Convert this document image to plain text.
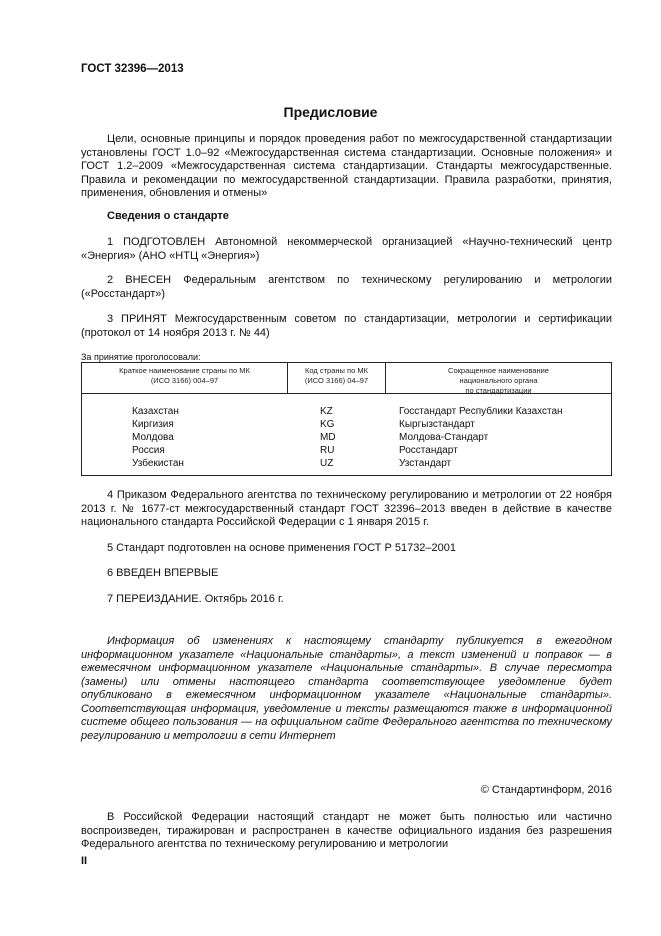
ГОСТ 32396—2013
Предисловие

Цели, основные принципы и порядок проведения работ по межгосударственной стандартизации установлены ГОСТ 1.0–92 «Межгосударственная система стандартизации. Основные положения» и ГОСТ 1.2–2009 «Межгосударственная система стандартизации. Стандарты межгосударственные. Правила и рекомендации по межгосударственной стандартизации. Правила разработки, принятия, применения, обновления и отмены»

Сведения о стандарте

1 ПОДГОТОВЛЕН Автономной некоммерческой организацией «Научно-технический центр «Энергия» (АНО «НТЦ «Энергия»)

2 ВНЕСЕН Федеральным агентством по техническому регулированию и метрологии («Росстандарт»)

3 ПРИНЯТ Межгосударственным советом по стандартизации, метрологии и сертификации (протокол от 14 ноября 2013 г. № 44)

За принятие проголосовали:
Краткое наименование страны по МК
(ИСО 3166) 004–97
Код страны по МК
(ИСО 3166) 04–97
Сокращенное наименование
национального органа
по стандартизации
Казахстан
Киргизия
Молдова
Россия
Узбекистан
KZ
KG
MD
RU
UZ
Госстандарт Республики Казахстан
Кыргызстандарт
Молдова-Стандарт
Росстандарт
Узстандарт

4 Приказом Федерального агентства по техническому регулированию и метрологии от 22 ноября 2013 г. № 1677-ст межгосударственный стандарт ГОСТ 32396–2013 введен в действие в качестве национального стандарта Российской Федерации с 1 января 2015 г.

5 Стандарт подготовлен на основе применения ГОСТ Р 51732–2001

6 ВВЕДЕН ВПЕРВЫЕ

7 ПЕРЕИЗДАНИЕ. Октябрь 2016 г.

Информация об изменениях к настоящему стандарту публикуется в ежегодном информационном указателе «Национальные стандарты», а текст изменений и поправок — в ежемесячном информационном указателе «Национальные стандарты». В случае пересмотра (замены) или отмены настоящего стандарта соответствующее уведомление будет опубликовано в ежемесячном информационном указателе «Национальные стандарты». Соответствующая информация, уведомление и тексты размещаются также в информационной системе общего пользования — на официальном сайте Федерального агентства по техническому регулированию и метрологии в сети Интернет

© Стандартинформ, 2016

В Российской Федерации настоящий стандарт не может быть полностью или частично воспроизведен, тиражирован и распространен в качестве официального издания без разрешения Федерального агентства по техническому регулированию и метрологии

II
